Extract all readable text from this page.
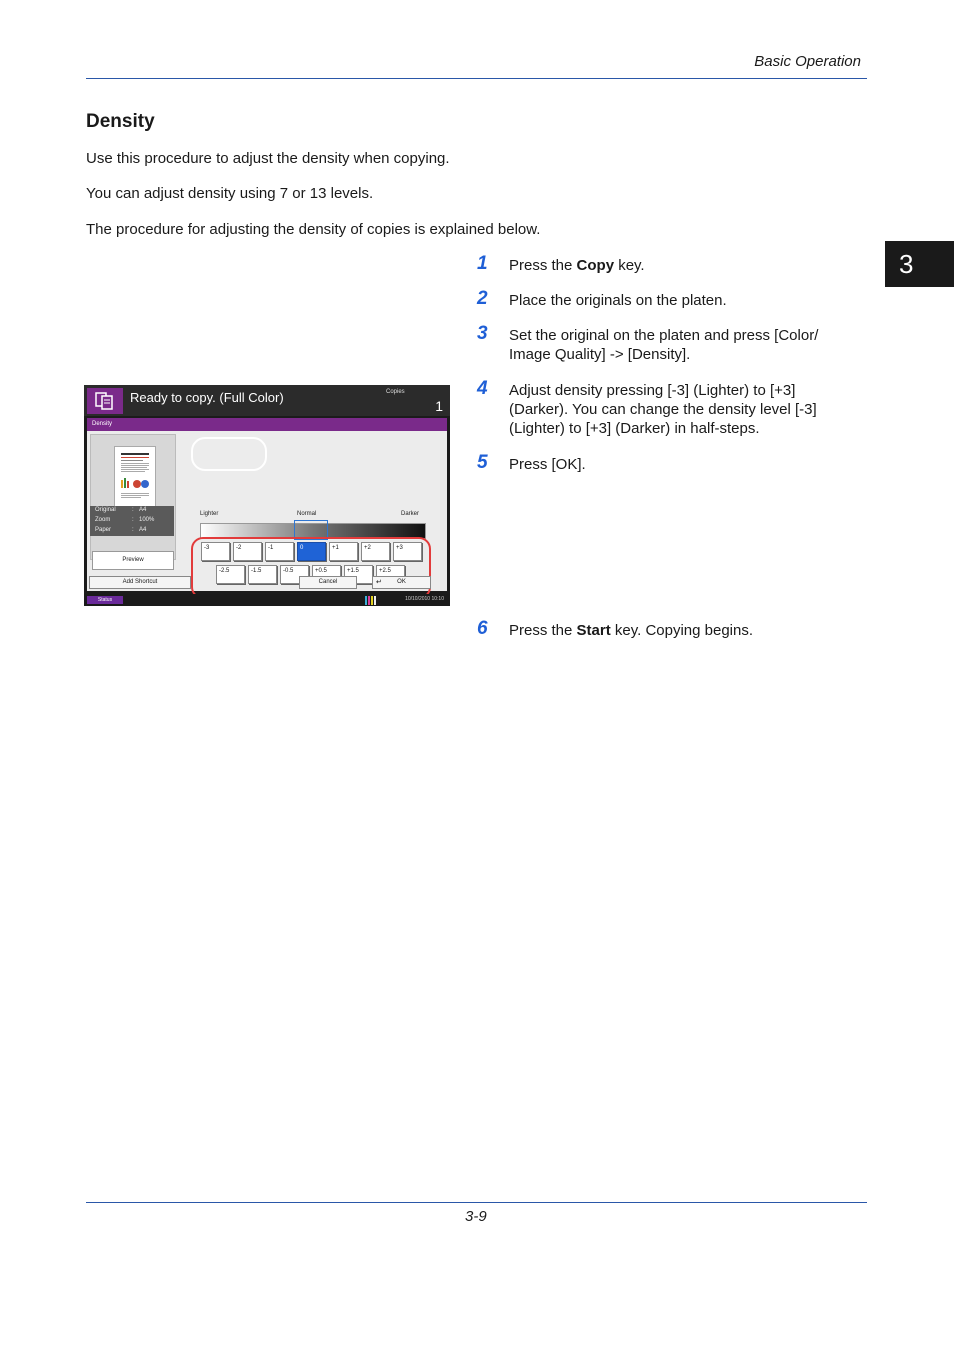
Basic Operation
3
Density
Use this procedure to adjust the density when copying.
You can adjust density using 7 or 13 levels.
The procedure for adjusting the density of copies is explained below.
1 Press the Copy key.
2 Place the originals on the platen.
3 Set the original on the platen and press [Color/ Image Quality] -> [Density].
4 Adjust density pressing [-3] (Lighter) to [+3] (Darker). You can change the density level [-3] (Lighter) to [+3] (Darker) in half-steps.
5 Press [OK].
6 Press the Start key. Copying begins.
Ready to copy. (Full Color)	Copies
1
Density
Original	: A4
Zoom	: 100%
Paper	: A4
Preview
Lighter	Normal	Darker
-3	-2	-1	0	+1	+2	+3
-2.5	-1.5	-0.5	+0.5	+1.5	+2.5
Add Shortcut	Cancel	↵	OK
Status	10/10/2010 10:10
3-9
